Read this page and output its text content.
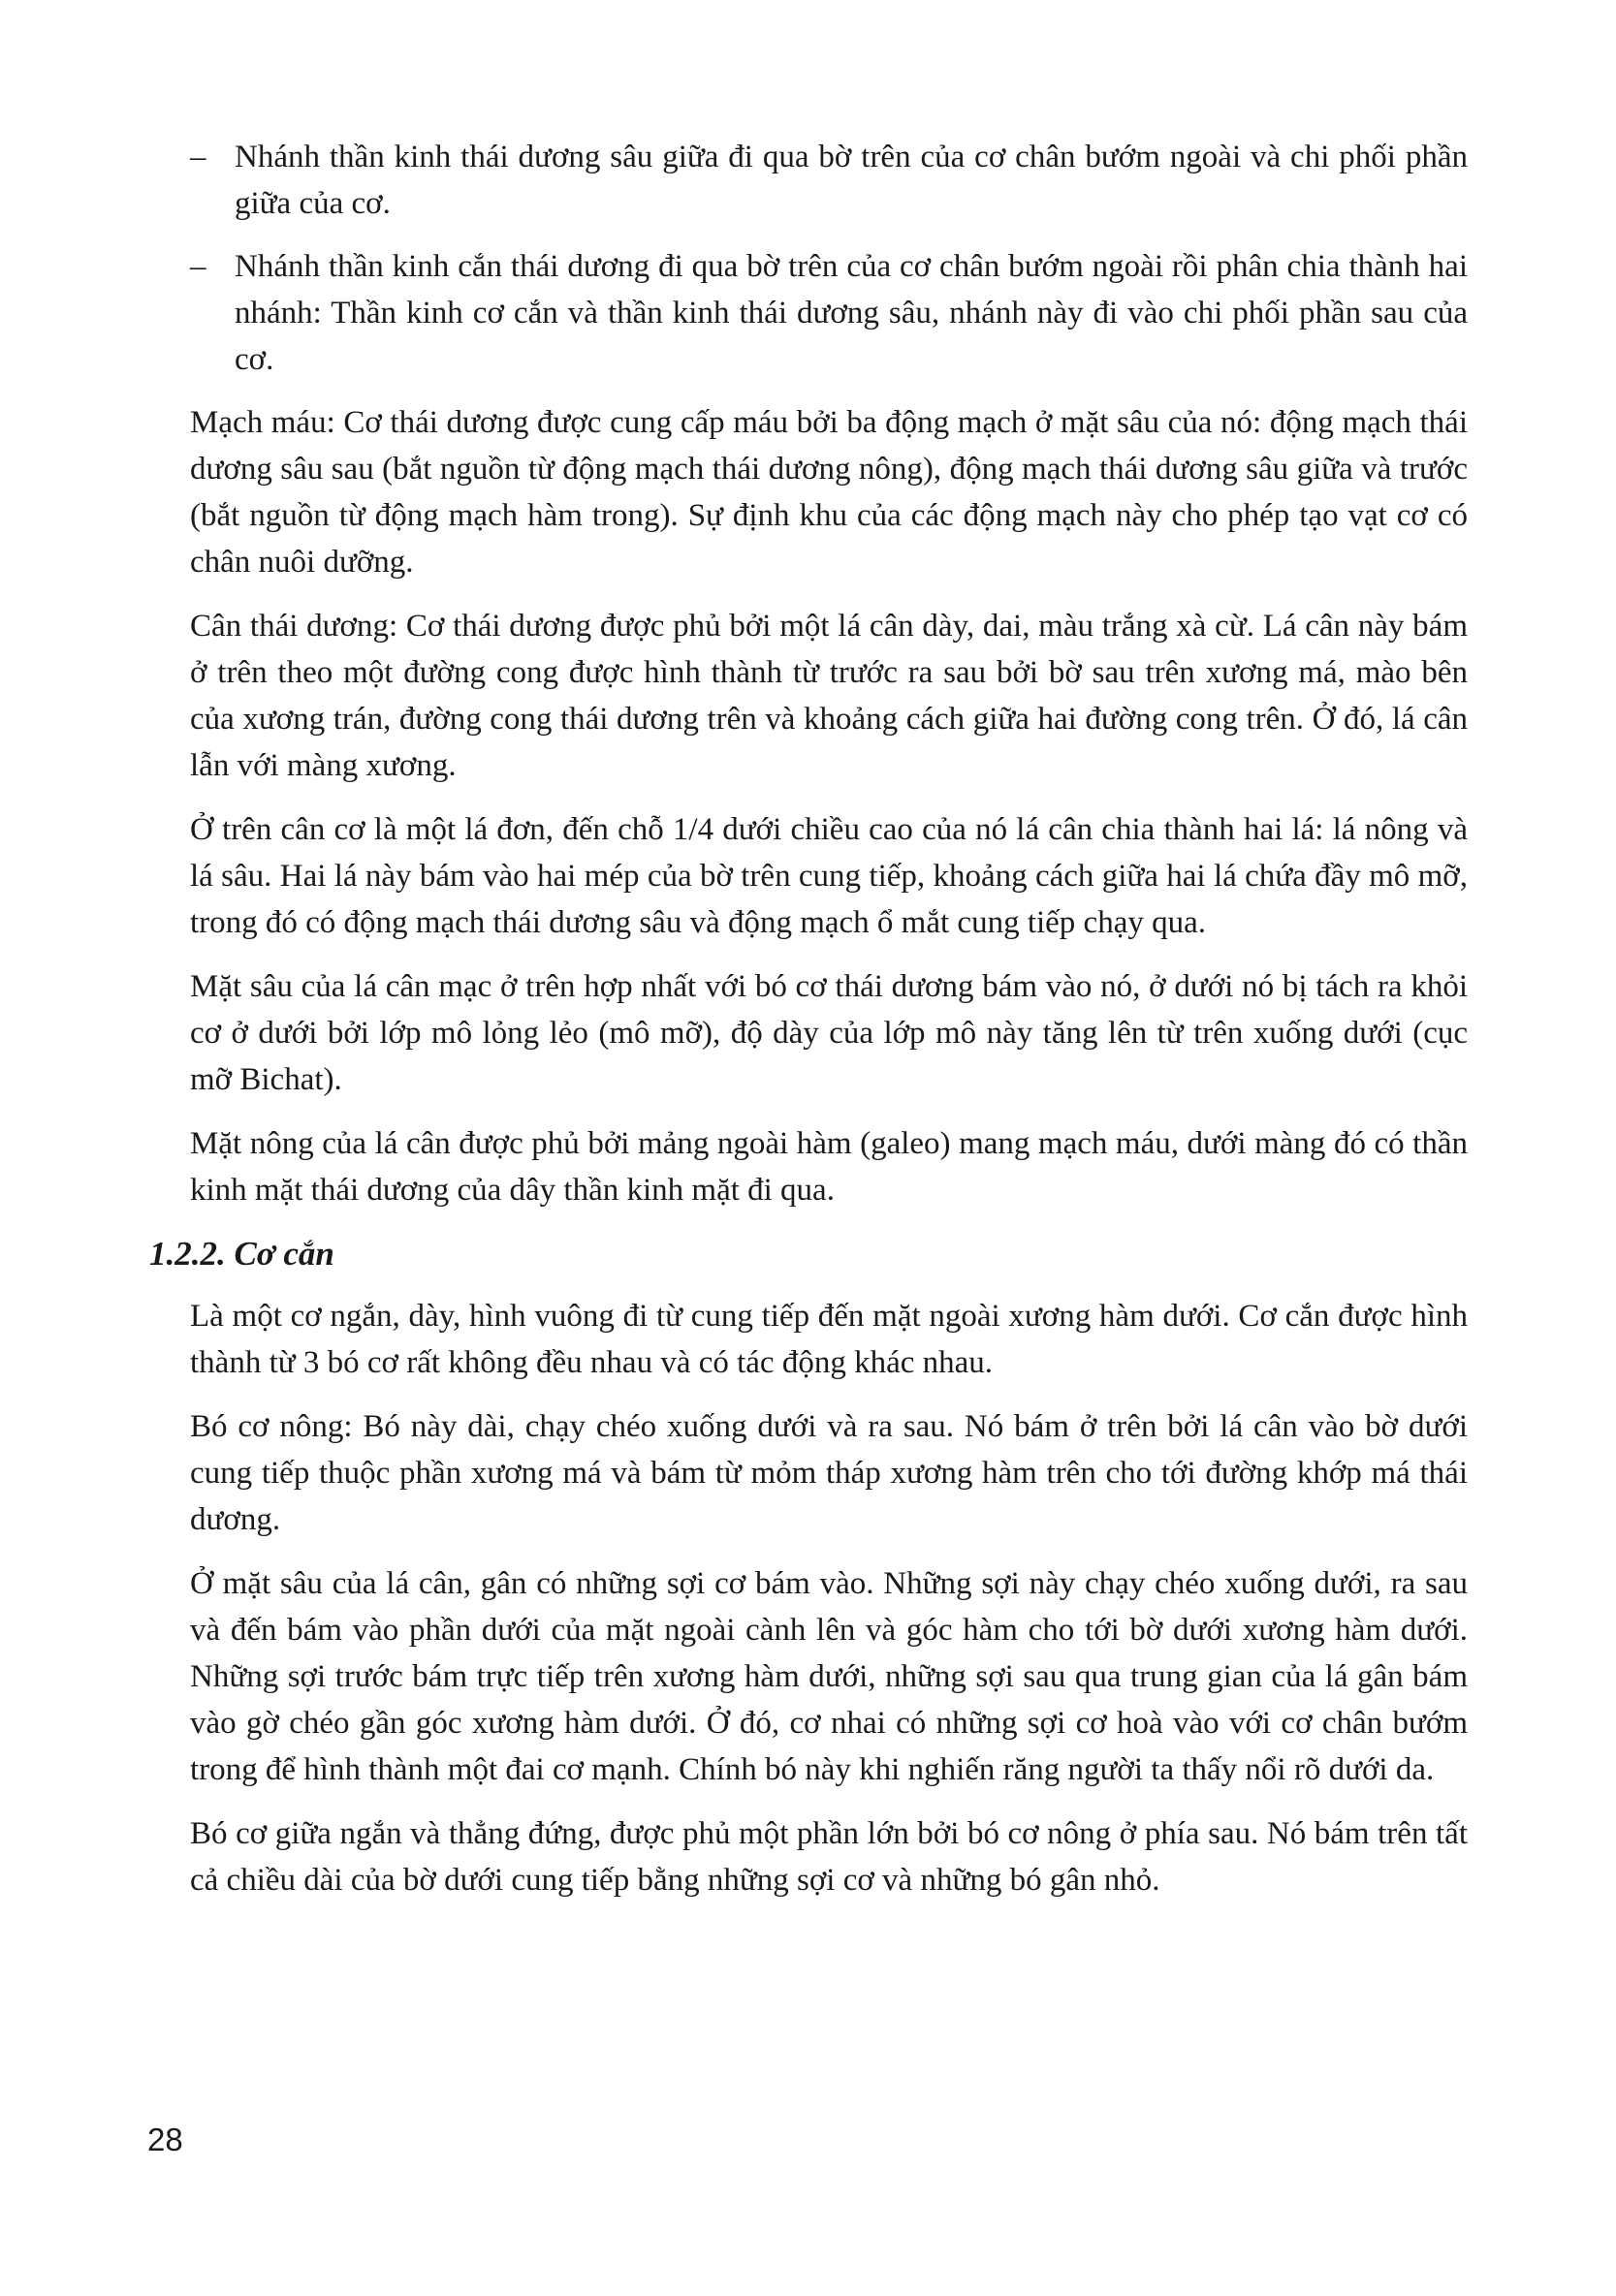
– Nhánh thần kinh thái dương sâu giữa đi qua bờ trên của cơ chân bướm ngoài và chi phối phần giữa của cơ.
– Nhánh thần kinh cắn thái dương đi qua bờ trên của cơ chân bướm ngoài rồi phân chia thành hai nhánh: Thần kinh cơ cắn và thần kinh thái dương sâu, nhánh này đi vào chi phối phần sau của cơ.

Mạch máu: Cơ thái dương được cung cấp máu bởi ba động mạch ở mặt sâu của nó: động mạch thái dương sâu sau (bắt nguồn từ động mạch thái dương nông), động mạch thái dương sâu giữa và trước (bắt nguồn từ động mạch hàm trong). Sự định khu của các động mạch này cho phép tạo vạt cơ có chân nuôi dưỡng.

Cân thái dương: Cơ thái dương được phủ bởi một lá cân dày, dai, màu trắng xà cừ. Lá cân này bám ở trên theo một đường cong được hình thành từ trước ra sau bởi bờ sau trên xương má, mào bên của xương trán, đường cong thái dương trên và khoảng cách giữa hai đường cong trên. Ở đó, lá cân lẫn với màng xương.

Ở trên cân cơ là một lá đơn, đến chỗ 1/4 dưới chiều cao của nó lá cân chia thành hai lá: lá nông và lá sâu. Hai lá này bám vào hai mép của bờ trên cung tiếp, khoảng cách giữa hai lá chứa đầy mô mỡ, trong đó có động mạch thái dương sâu và động mạch ổ mắt cung tiếp chạy qua.

Mặt sâu của lá cân mạc ở trên hợp nhất với bó cơ thái dương bám vào nó, ở dưới nó bị tách ra khỏi cơ ở dưới bởi lớp mô lỏng lẻo (mô mỡ), độ dày của lớp mô này tăng lên từ trên xuống dưới (cục mỡ Bichat).

Mặt nông của lá cân được phủ bởi mảng ngoài hàm (galeo) mang mạch máu, dưới màng đó có thần kinh mặt thái dương của dây thần kinh mặt đi qua.

1.2.2. Cơ cắn

Là một cơ ngắn, dày, hình vuông đi từ cung tiếp đến mặt ngoài xương hàm dưới. Cơ cắn được hình thành từ 3 bó cơ rất không đều nhau và có tác động khác nhau.

Bó cơ nông: Bó này dài, chạy chéo xuống dưới và ra sau. Nó bám ở trên bởi lá cân vào bờ dưới cung tiếp thuộc phần xương má và bám từ mỏm tháp xương hàm trên cho tới đường khớp má thái dương.

Ở mặt sâu của lá cân, gân có những sợi cơ bám vào. Những sợi này chạy chéo xuống dưới, ra sau và đến bám vào phần dưới của mặt ngoài cành lên và góc hàm cho tới bờ dưới xương hàm dưới. Những sợi trước bám trực tiếp trên xương hàm dưới, những sợi sau qua trung gian của lá gân bám vào gờ chéo gần góc xương hàm dưới. Ở đó, cơ nhai có những sợi cơ hoà vào với cơ chân bướm trong để hình thành một đai cơ mạnh. Chính bó này khi nghiến răng người ta thấy nổi rõ dưới da.

Bó cơ giữa ngắn và thẳng đứng, được phủ một phần lớn bởi bó cơ nông ở phía sau. Nó bám trên tất cả chiều dài của bờ dưới cung tiếp bằng những sợi cơ và những bó gân nhỏ.

28
